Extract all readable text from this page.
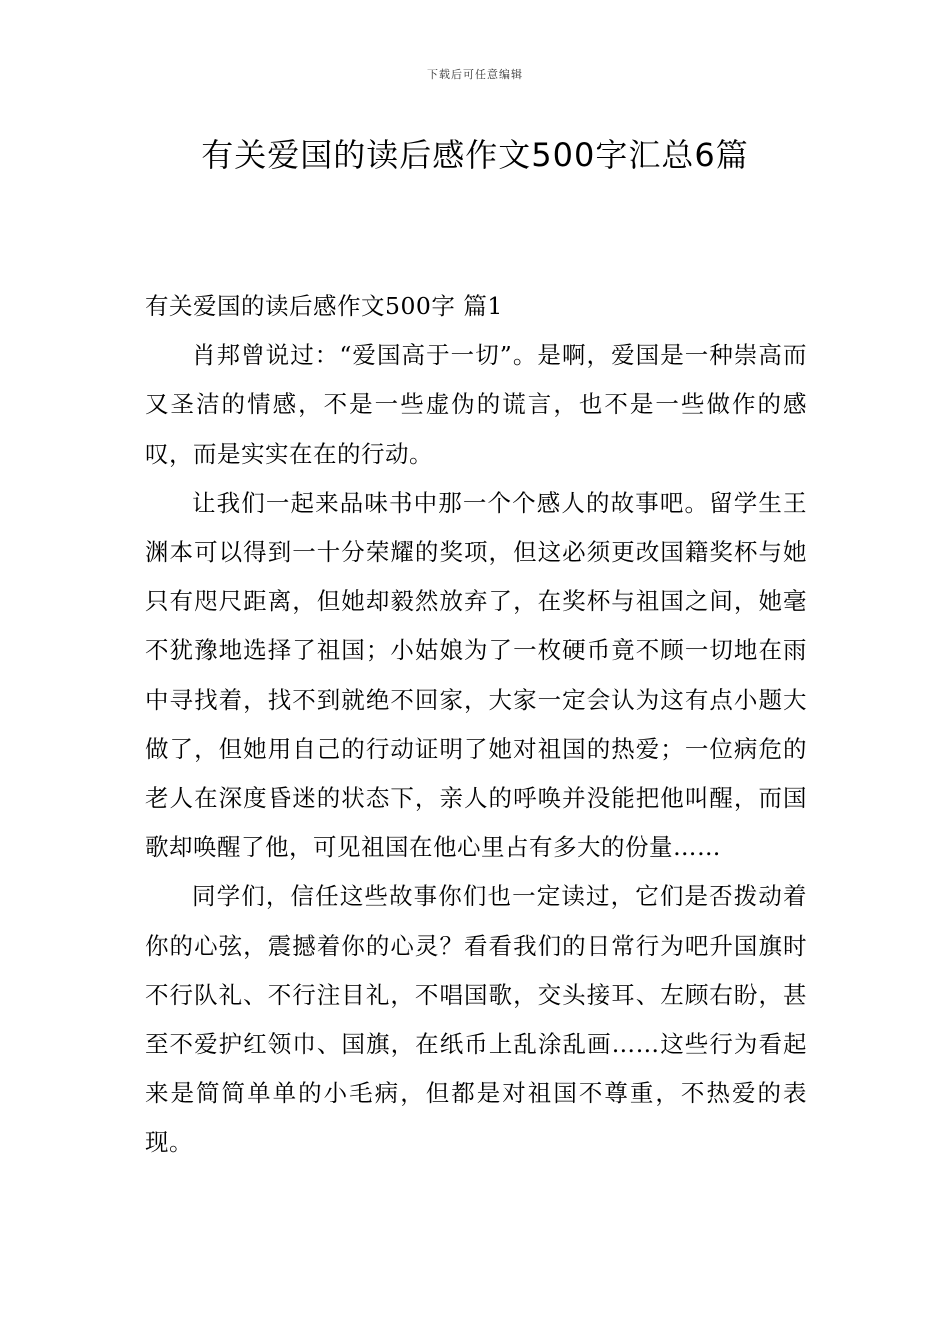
下载后可任意编辑
有关爱国的读后感作文500字汇总6篇

有关爱国的读后感作文500字 篇1

肖邦曾说过：“爱国高于一切”。是啊，爱国是一种崇高而又圣洁的情感，不是一些虚伪的谎言，也不是一些做作的感叹，而是实实在在的行动。

让我们一起来品味书中那一个个感人的故事吧。留学生王渊本可以得到一十分荣耀的奖项，但这必须更改国籍奖杯与她只有咫尺距离，但她却毅然放弃了，在奖杯与祖国之间，她毫不犹豫地选择了祖国；小姑娘为了一枚硬币竟不顾一切地在雨中寻找着，找不到就绝不回家，大家一定会认为这有点小题大做了，但她用自己的行动证明了她对祖国的热爱；一位病危的老人在深度昏迷的状态下，亲人的呼唤并没能把他叫醒，而国歌却唤醒了他，可见祖国在他心里占有多大的份量……

同学们，信任这些故事你们也一定读过，它们是否拨动着你的心弦，震撼着你的心灵？看看我们的日常行为吧升国旗时不行队礼、不行注目礼，不唱国歌，交头接耳、左顾右盼，甚至不爱护红领巾、国旗，在纸币上乱涂乱画……这些行为看起来是简简单单的小毛病，但都是对祖国不尊重，不热爱的表现。
